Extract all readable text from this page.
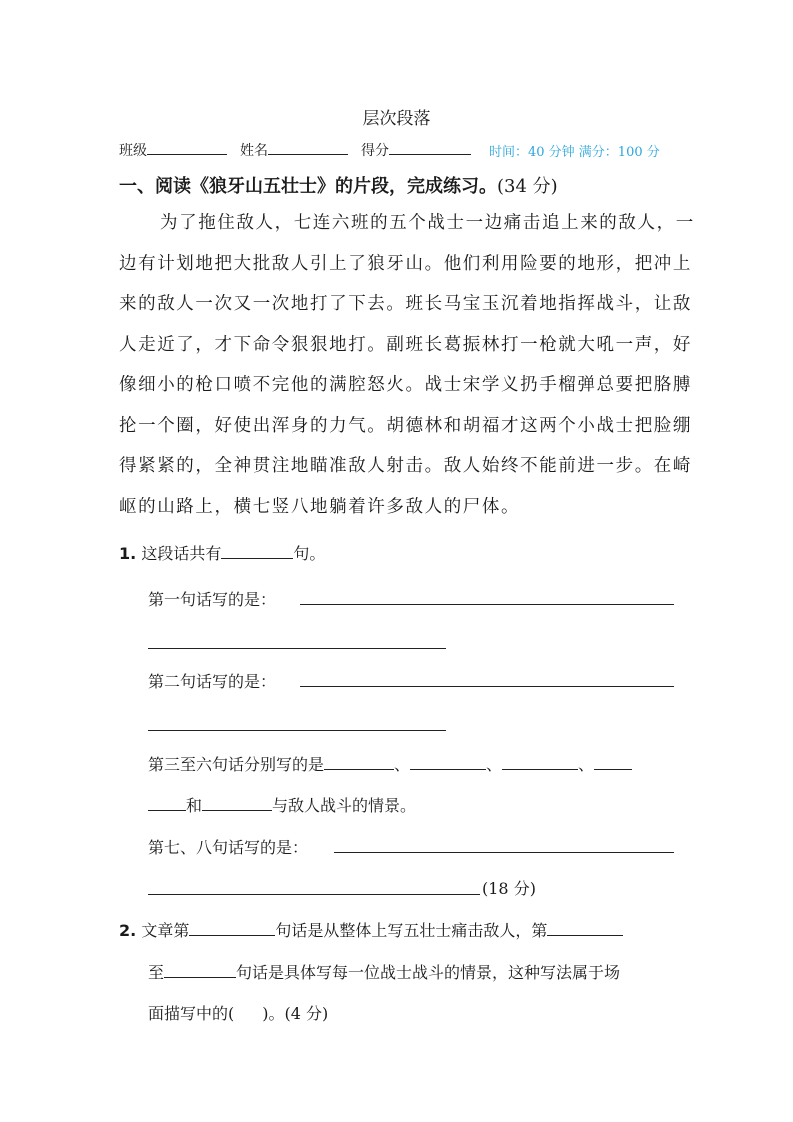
层次段落
班级	姓名	得分	时间：40 分钟 满分：100 分
一、阅读《狼牙山五壮士》的片段，完成练习。(34 分)
为了拖住敌人，七连六班的五个战士一边痛击追上来的敌人，一
边有计划地把大批敌人引上了狼牙山。他们利用险要的地形，把冲上
来的敌人一次又一次地打了下去。班长马宝玉沉着地指挥战斗，让敌
人走近了，才下命令狠狠地打。副班长葛振林打一枪就大吼一声，好
像细小的枪口喷不完他的满腔怒火。战士宋学义扔手榴弹总要把胳膊
抡一个圈，好使出浑身的力气。胡德林和胡福才这两个小战士把脸绷
得紧紧的，全神贯注地瞄准敌人射击。敌人始终不能前进一步。在崎
岖的山路上，横七竖八地躺着许多敌人的尸体。
1. 这段话共有	句。
第一句话写的是：
第二句话写的是：
第三至六句话分别写的是	、	、	、
和	与敌人战斗的情景。
第七、八句话写的是：
(18 分)
2. 文章第	句话是从整体上写五壮士痛击敌人，第
至	句话是具体写每一位战士战斗的情景，这种写法属于场
面描写中的( )。(4 分)
